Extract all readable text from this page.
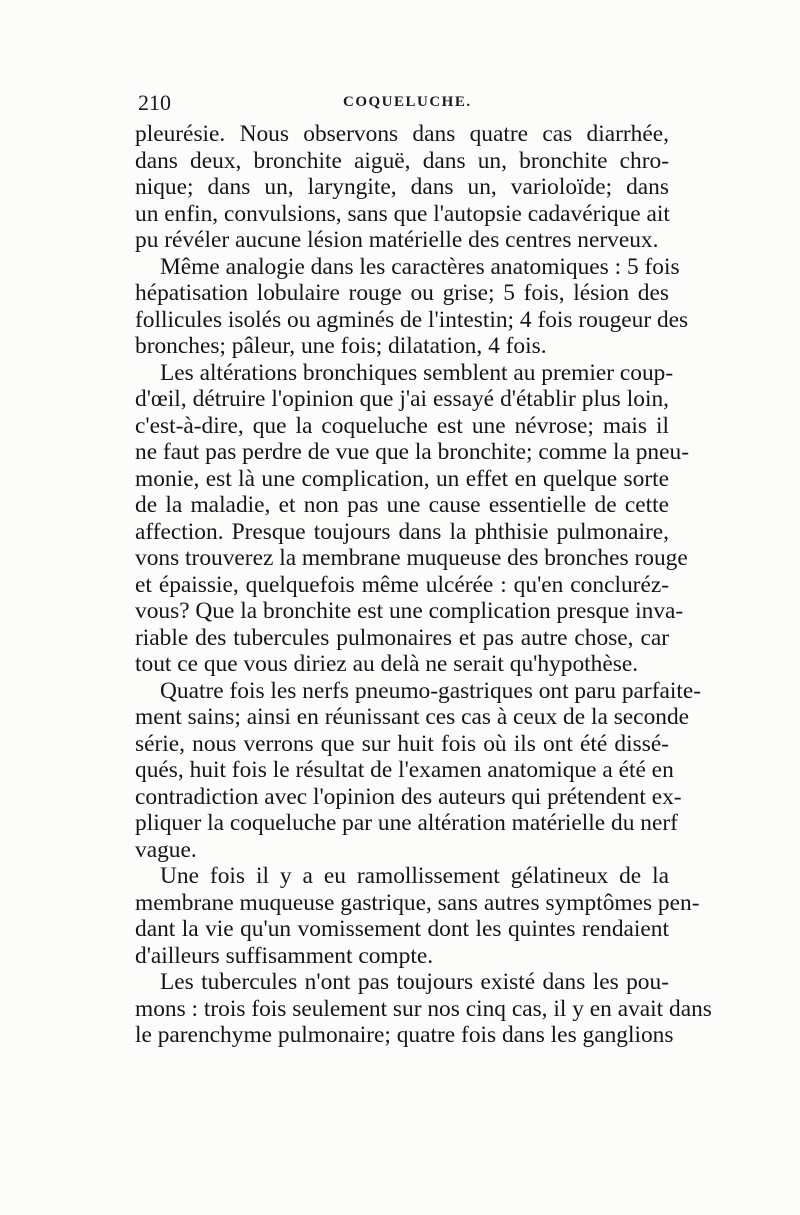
210	COQUELUCHE.
pleurésie. Nous observons dans quatre cas diarrhée,
dans deux, bronchite aiguë, dans un, bronchite chro-
nique; dans un, laryngite, dans un, varioloïde; dans
un enfin, convulsions, sans que l'autopsie cadavérique ait
pu révéler aucune lésion matérielle des centres nerveux.
Même analogie dans les caractères anatomiques : 5 fois
hépatisation lobulaire rouge ou grise; 5 fois, lésion des
follicules isolés ou agminés de l'intestin; 4 fois rougeur des
bronches; pâleur, une fois; dilatation, 4 fois.
Les altérations bronchiques semblent au premier coup-
d'œil, détruire l'opinion que j'ai essayé d'établir plus loin,
c'est-à-dire, que la coqueluche est une névrose; mais il
ne faut pas perdre de vue que la bronchite; comme la pneu-
monie, est là une complication, un effet en quelque sorte
de la maladie, et non pas une cause essentielle de cette
affection. Presque toujours dans la phthisie pulmonaire,
vons trouverez la membrane muqueuse des bronches rouge
et épaissie, quelquefois même ulcérée : qu'en concluréz-
vous? Que la bronchite est une complication presque inva-
riable des tubercules pulmonaires et pas autre chose, car
tout ce que vous diriez au delà ne serait qu'hypothèse.
Quatre fois les nerfs pneumo-gastriques ont paru parfaite-
ment sains; ainsi en réunissant ces cas à ceux de la seconde
série, nous verrons que sur huit fois où ils ont été dissé-
qués, huit fois le résultat de l'examen anatomique a été en
contradiction avec l'opinion des auteurs qui prétendent ex-
pliquer la coqueluche par une altération matérielle du nerf
vague.
Une fois il y a eu ramollissement gélatineux de la
membrane muqueuse gastrique, sans autres symptômes pen-
dant la vie qu'un vomissement dont les quintes rendaient
d'ailleurs suffisamment compte.
Les tubercules n'ont pas toujours existé dans les pou-
mons : trois fois seulement sur nos cinq cas, il y en avait dans
le parenchyme pulmonaire; quatre fois dans les ganglions
